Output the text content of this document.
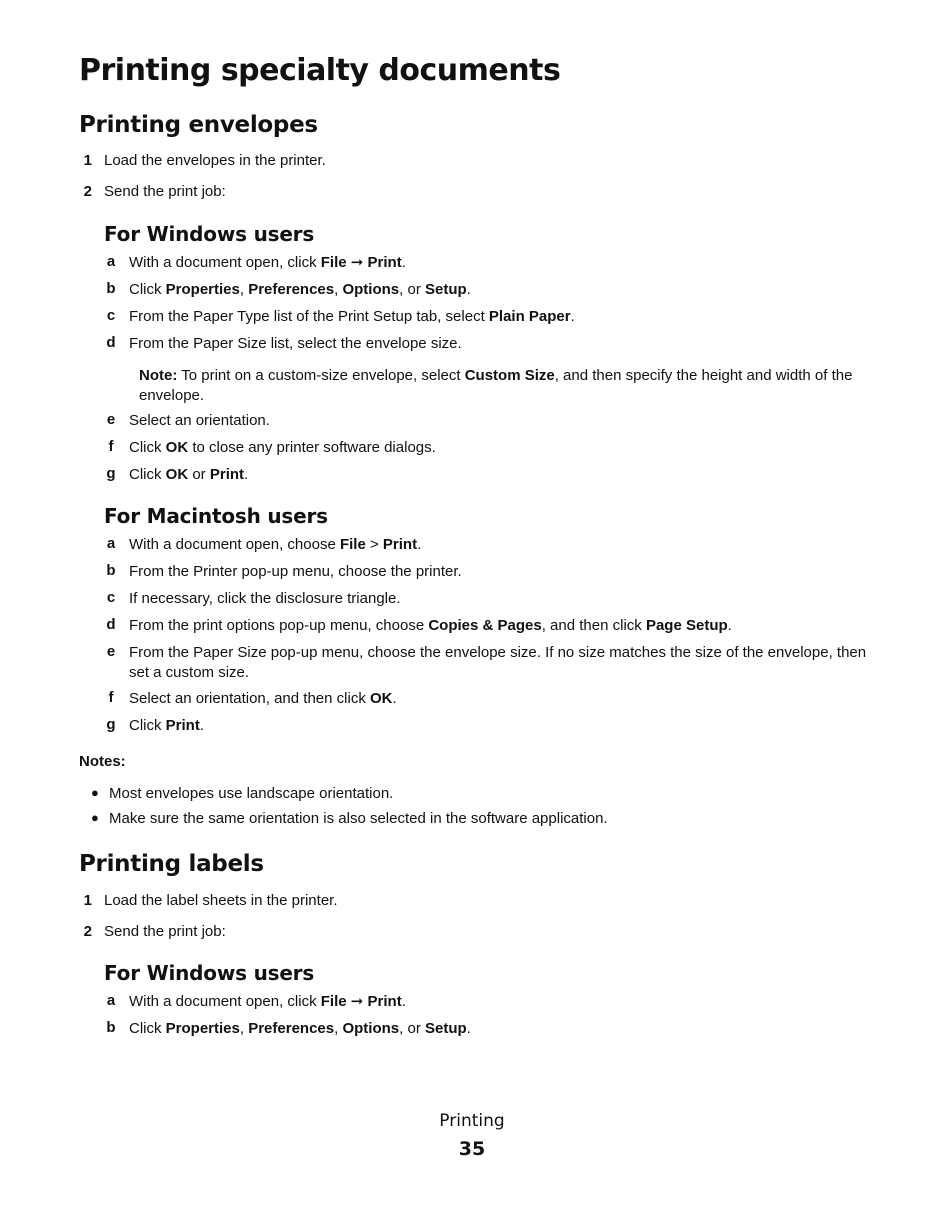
Printing specialty documents
Printing envelopes
1 Load the envelopes in the printer.
2 Send the print job:
For Windows users
a With a document open, click File ➞ Print.
b Click Properties, Preferences, Options, or Setup.
c From the Paper Type list of the Print Setup tab, select Plain Paper.
d From the Paper Size list, select the envelope size.
Note: To print on a custom-size envelope, select Custom Size, and then specify the height and width of the envelope.
e Select an orientation.
f	Click OK to close any printer software dialogs.
g Click OK or Print.
For Macintosh users
a With a document open, choose File > Print.
b From the Printer pop-up menu, choose the printer.
c If necessary, click the disclosure triangle.
d From the print options pop-up menu, choose Copies & Pages, and then click Page Setup.
e From the Paper Size pop-up menu, choose the envelope size. If no size matches the size of the envelope, then set a custom size.
f	Select an orientation, and then click OK.
g Click Print.
Notes:
● Most envelopes use landscape orientation.
● Make sure the same orientation is also selected in the software application.
Printing labels
1 Load the label sheets in the printer.
2 Send the print job:
For Windows users
a With a document open, click File ➞ Print.
b Click Properties, Preferences, Options, or Setup.
Printing
35
